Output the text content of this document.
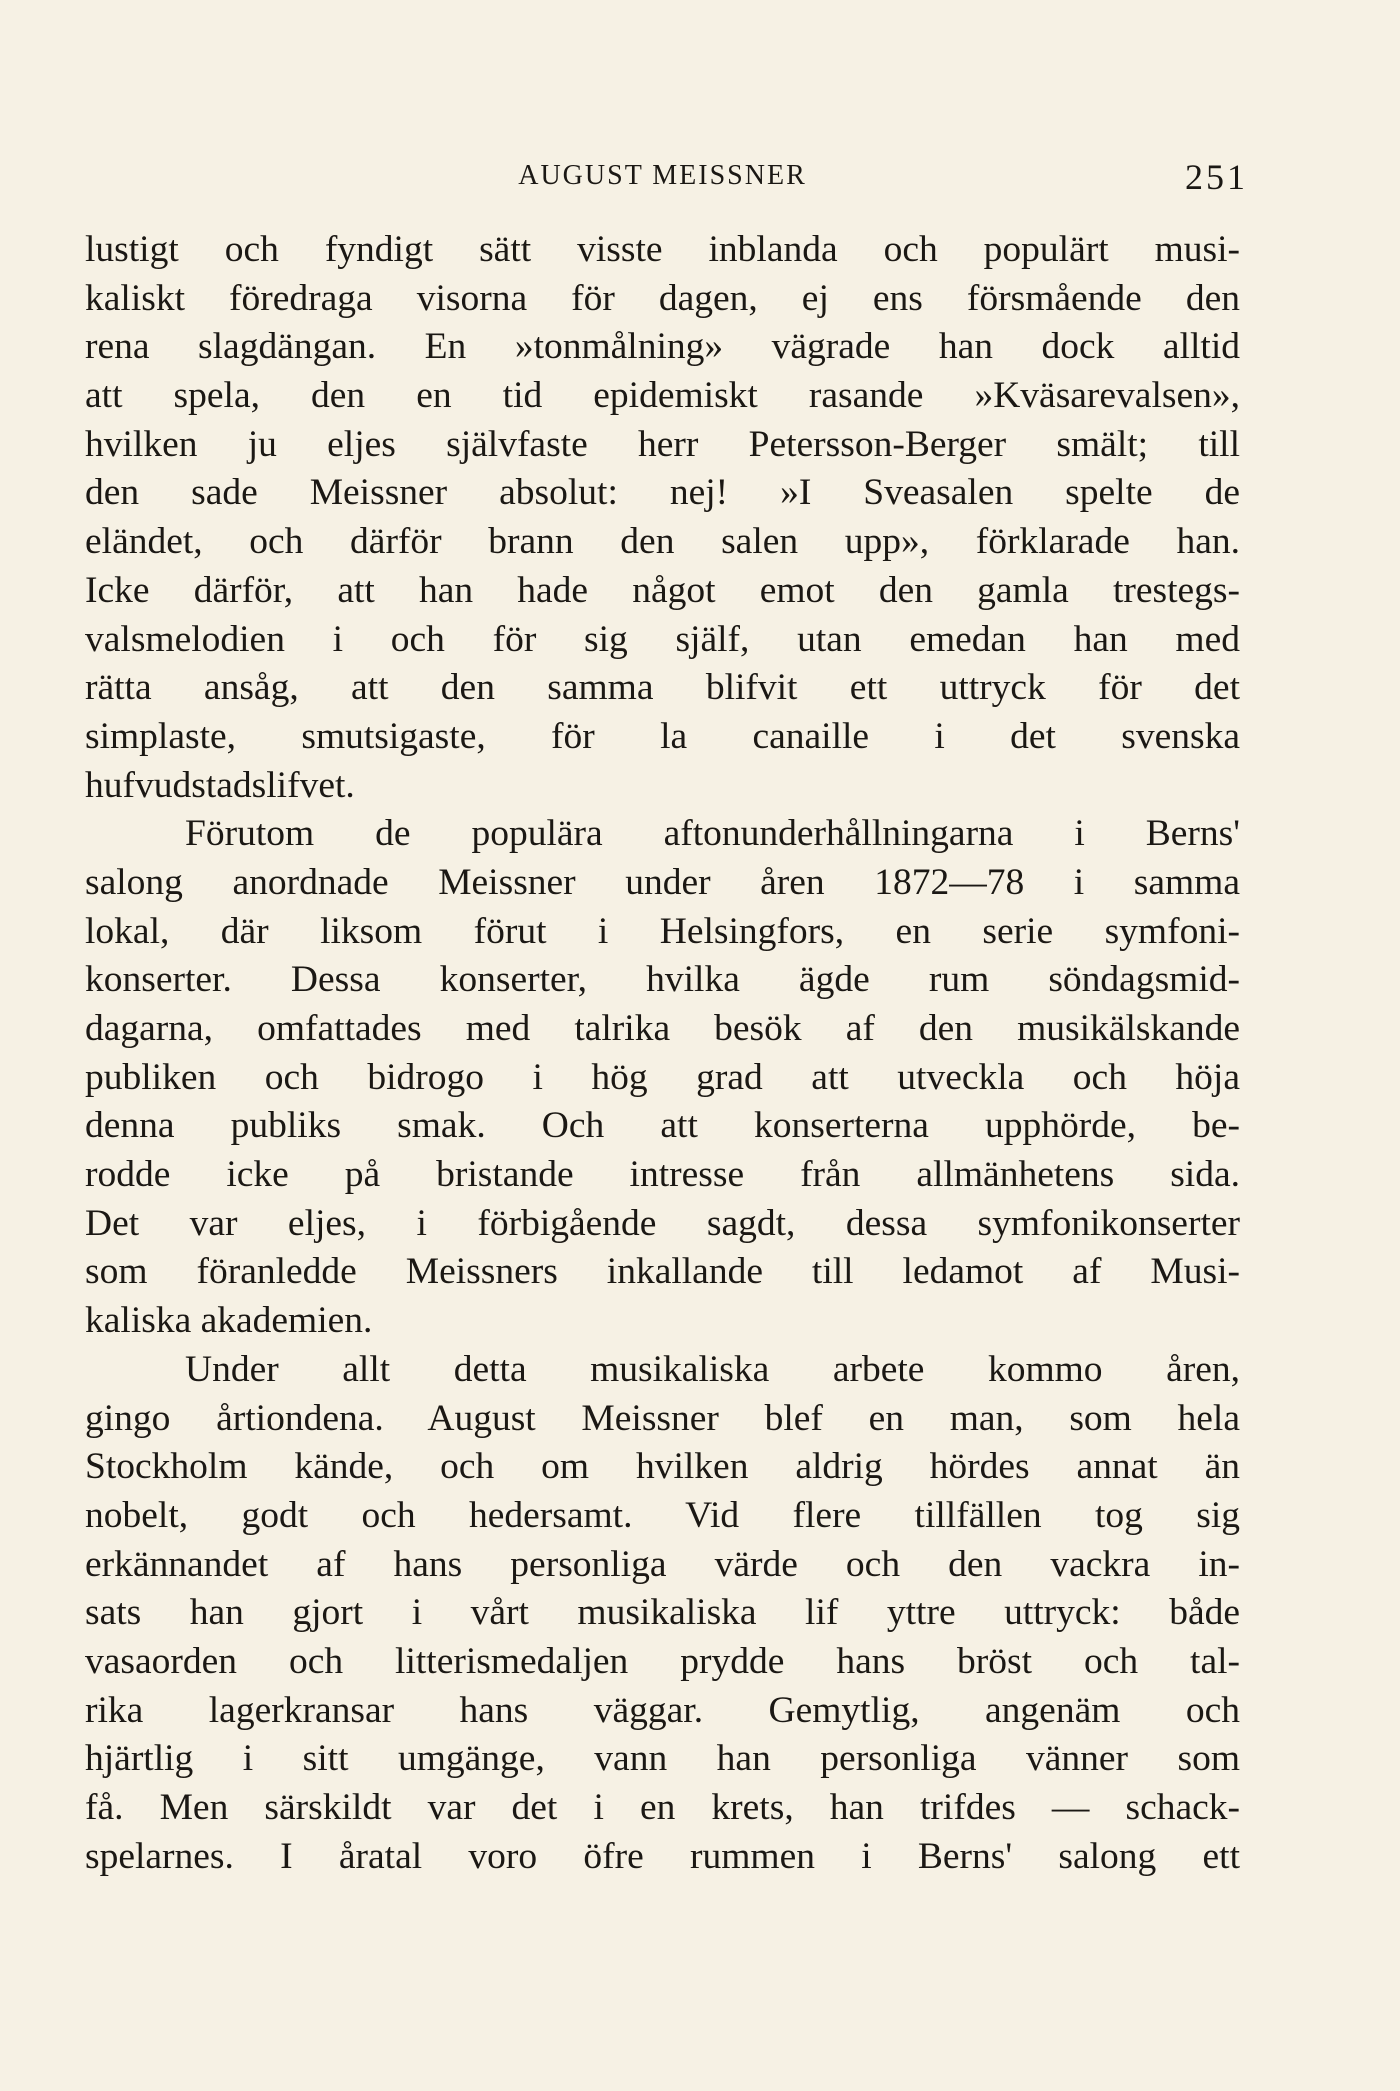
AUGUST MEISSNER	251
lustigt och fyndigt sätt visste inblanda och populärt musi-
kaliskt föredraga visorna för dagen, ej ens försmående den
rena slagdängan. En »tonmålning» vägrade han dock alltid
att spela, den en tid epidemiskt rasande »Kväsarevalsen»,
hvilken ju eljes självfaste herr Petersson-Berger smält; till
den sade Meissner absolut: nej! »I Sveasalen spelte de
eländet, och därför brann den salen upp», förklarade han.
Icke därför, att han hade något emot den gamla trestegs-
valsmelodien i och för sig själf, utan emedan han med
rätta ansåg, att den samma blifvit ett uttryck för det
simplaste, smutsigaste, för la canaille i det svenska
hufvudstadslifvet.
Förutom de populära aftonunderhållningarna i Berns'
salong anordnade Meissner under åren 1872—78 i samma
lokal, där liksom förut i Helsingfors, en serie symfoni-
konserter. Dessa konserter, hvilka ägde rum söndagsmid-
dagarna, omfattades med talrika besök af den musikälskande
publiken och bidrogo i hög grad att utveckla och höja
denna publiks smak. Och att konserterna upphörde, be-
rodde icke på bristande intresse från allmänhetens sida.
Det var eljes, i förbigående sagdt, dessa symfonikonserter
som föranledde Meissners inkallande till ledamot af Musi-
kaliska akademien.
Under allt detta musikaliska arbete kommo åren,
gingo årtiondena. August Meissner blef en man, som hela
Stockholm kände, och om hvilken aldrig hördes annat än
nobelt, godt och hedersamt. Vid flere tillfällen tog sig
erkännandet af hans personliga värde och den vackra in-
sats han gjort i vårt musikaliska lif yttre uttryck: både
vasaorden och litterismedaljen prydde hans bröst och tal-
rika lagerkransar hans väggar. Gemytlig, angenäm och
hjärtlig i sitt umgänge, vann han personliga vänner som
få. Men särskildt var det i en krets, han trifdes — schack-
spelarnes. I åratal voro öfre rummen i Berns' salong ett
